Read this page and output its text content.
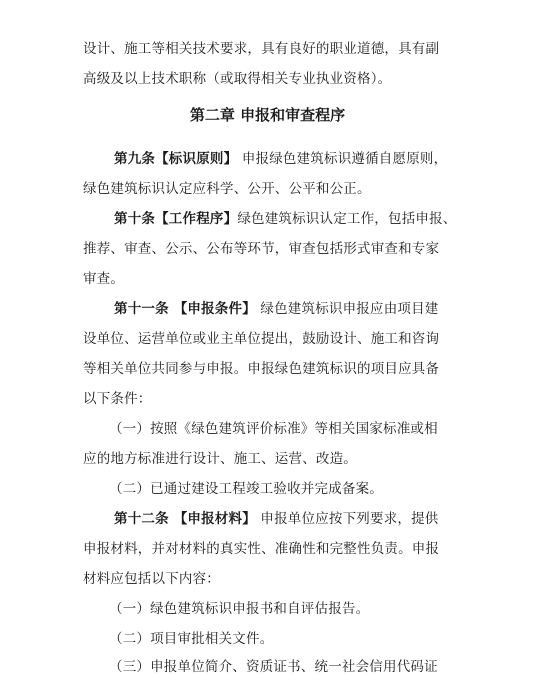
设计、施工等相关技术要求，具有良好的职业道德，具有副
高级及以上技术职称（或取得相关专业执业资格）。
第二章 申报和审查程序
第九条【标识原则】 申报绿色建筑标识遵循自愿原则，
绿色建筑标识认定应科学、公开、公平和公正。
第十条【工作程序】绿色建筑标识认定工作，包括申报、
推荐、审查、公示、公布等环节，审查包括形式审查和专家
审查。
第十一条 【申报条件】 绿色建筑标识申报应由项目建
设单位、运营单位或业主单位提出，鼓励设计、施工和咨询
等相关单位共同参与申报。申报绿色建筑标识的项目应具备
以下条件：
（一）按照《绿色建筑评价标准》等相关国家标准或相
应的地方标准进行设计、施工、运营、改造。
（二）已通过建设工程竣工验收并完成备案。
第十二条 【申报材料】 申报单位应按下列要求，提供
申报材料，并对材料的真实性、准确性和完整性负责。申报
材料应包括以下内容：
（一）绿色建筑标识申报书和自评估报告。
（二）项目审批相关文件。
（三）申报单位简介、资质证书、统一社会信用代码证
